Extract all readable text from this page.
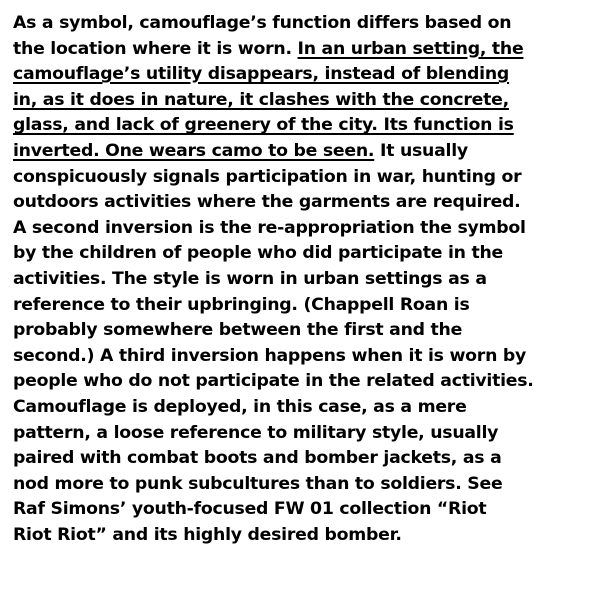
As a symbol, camouflage’s function differs based on
the location where it is worn. In an urban setting, the
camouflage’s utility disappears, instead of blending
in, as it does in nature, it clashes with the concrete,
glass, and lack of greenery of the city. Its function is
inverted. One wears camo to be seen. It usually
conspicuously signals participation in war, hunting or
outdoors activities where the garments are required.
A second inversion is the re-appropriation the symbol
by the children of people who did participate in the
activities. The style is worn in urban settings as a
reference to their upbringing. (Chappell Roan is
probably somewhere between the first and the
second.) A third inversion happens when it is worn by
people who do not participate in the related activities.
Camouflage is deployed, in this case, as a mere
pattern, a loose reference to military style, usually
paired with combat boots and bomber jackets, as a
nod more to punk subcultures than to soldiers. See
Raf Simons’ youth-focused FW 01 collection “Riot
Riot Riot” and its highly desired bomber.
